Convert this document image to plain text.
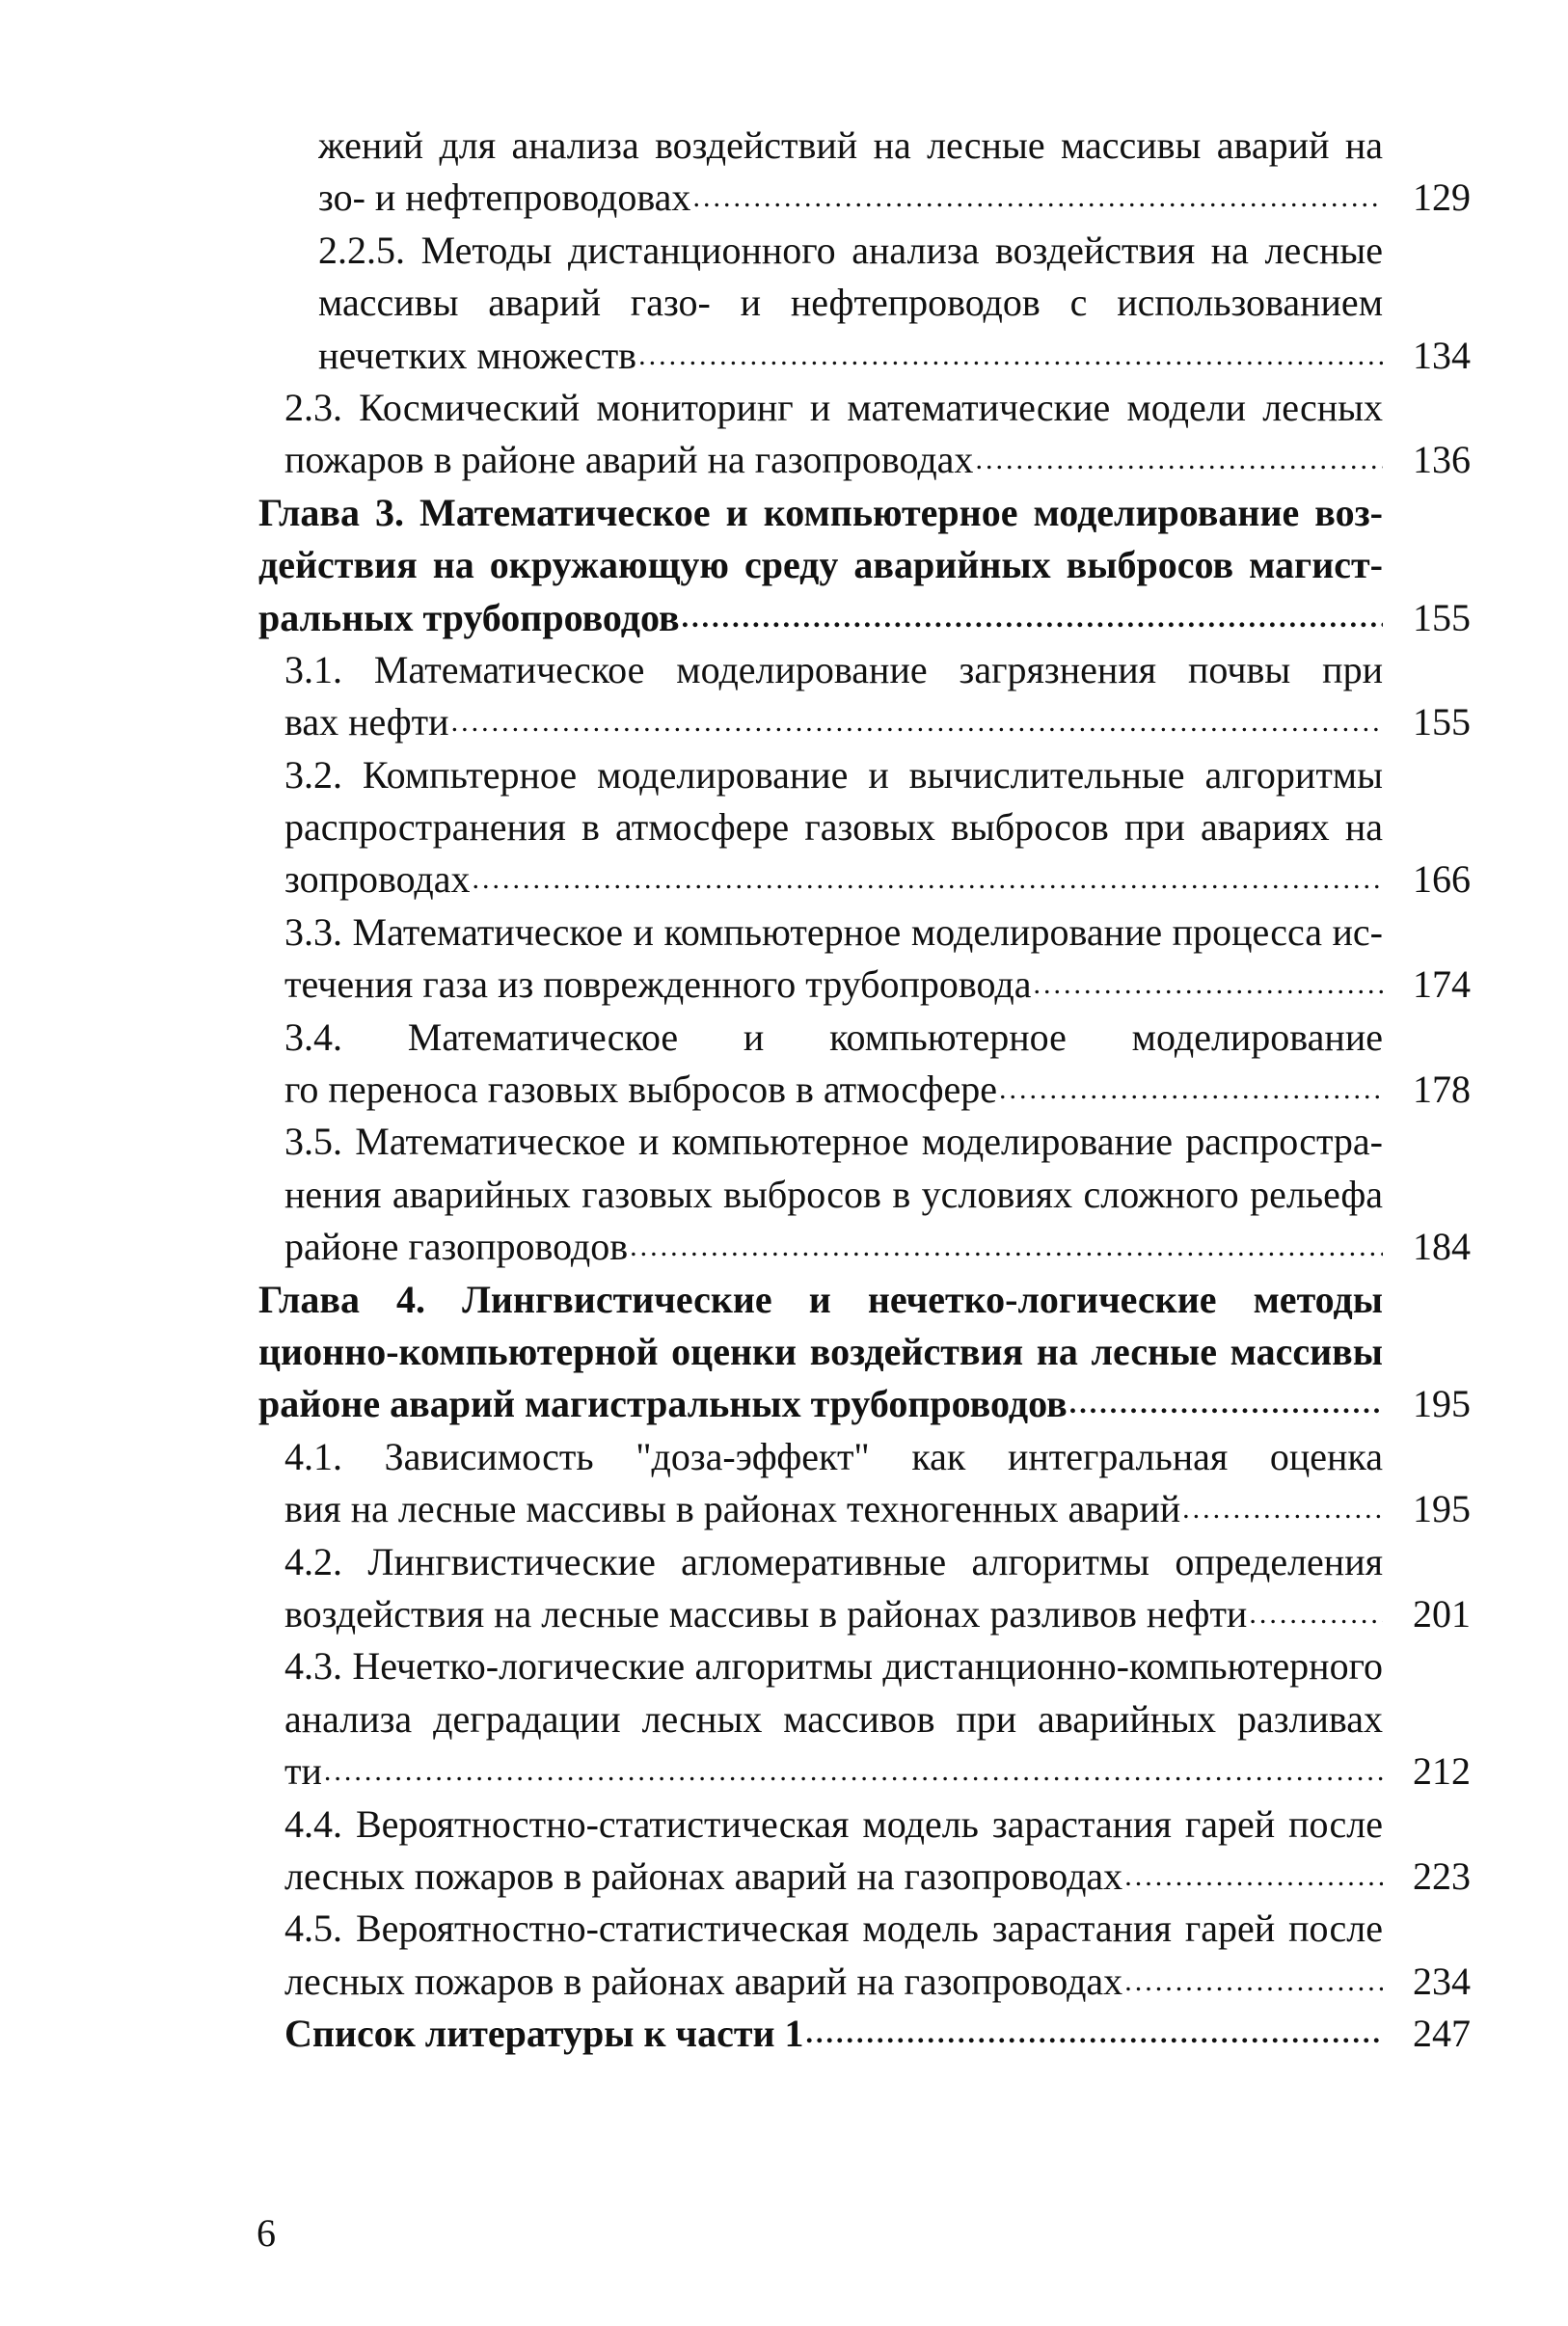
жений для анализа воздействий на лесные массивы аварий на
зо- и нефтепроводовах .....	129
2.2.5. Методы дистанционного анализа воздействия на лесные
массивы аварий газо- и нефтепроводов с использованием
нечетких множеств .....	134
2.3. Космический мониторинг и математические модели лесных
пожаров в районе аварий на газопроводах .....	136
Глава 3. Математическое и компьютерное моделирование воз-
действия на окружающую среду аварийных выбросов магист-
ральных трубопроводов .....	155
3.1. Математическое моделирование загрязнения почвы при
вах нефти .....	155
3.2. Компьтерное моделирование и вычислительные алгоритмы
распространения в атмосфере газовых выбросов при авариях на
зопроводах .....	166
3.3. Математическое и компьютерное моделирование процесса ис-
течения газа из поврежденного трубопровода .....	174
3.4. Математическое и компьютерное моделирование
го переноса газовых выбросов в атмосфере .....	178
3.5. Математическое и компьютерное моделирование распростра-
нения аварийных газовых выбросов в условиях сложного рельефа
районе газопроводов .....	184
Глава 4. Лингвистические и нечетко-логические методы
ционно-компьютерной оценки воздействия на лесные массивы
районе аварий магистральных трубопроводов .....	195
4.1. Зависимость "доза-эффект" как интегральная оценка
вия на лесные массивы в районах техногенных аварий .....	195
4.2. Лингвистические агломеративные алгоритмы определения
воздействия на лесные массивы в районах разливов нефти .....	201
4.3. Нечетко-логические алгоритмы дистанционно-компьютерного
анализа деградации лесных массивов при аварийных разливах
ти .....	212
4.4. Вероятностно-статистическая модель зарастания гарей после
лесных пожаров в районах аварий на газопроводах .....	223
4.5. Вероятностно-статистическая модель зарастания гарей после
лесных пожаров в районах аварий на газопроводах .....	234
Список литературы к части 1 .....	247
6
